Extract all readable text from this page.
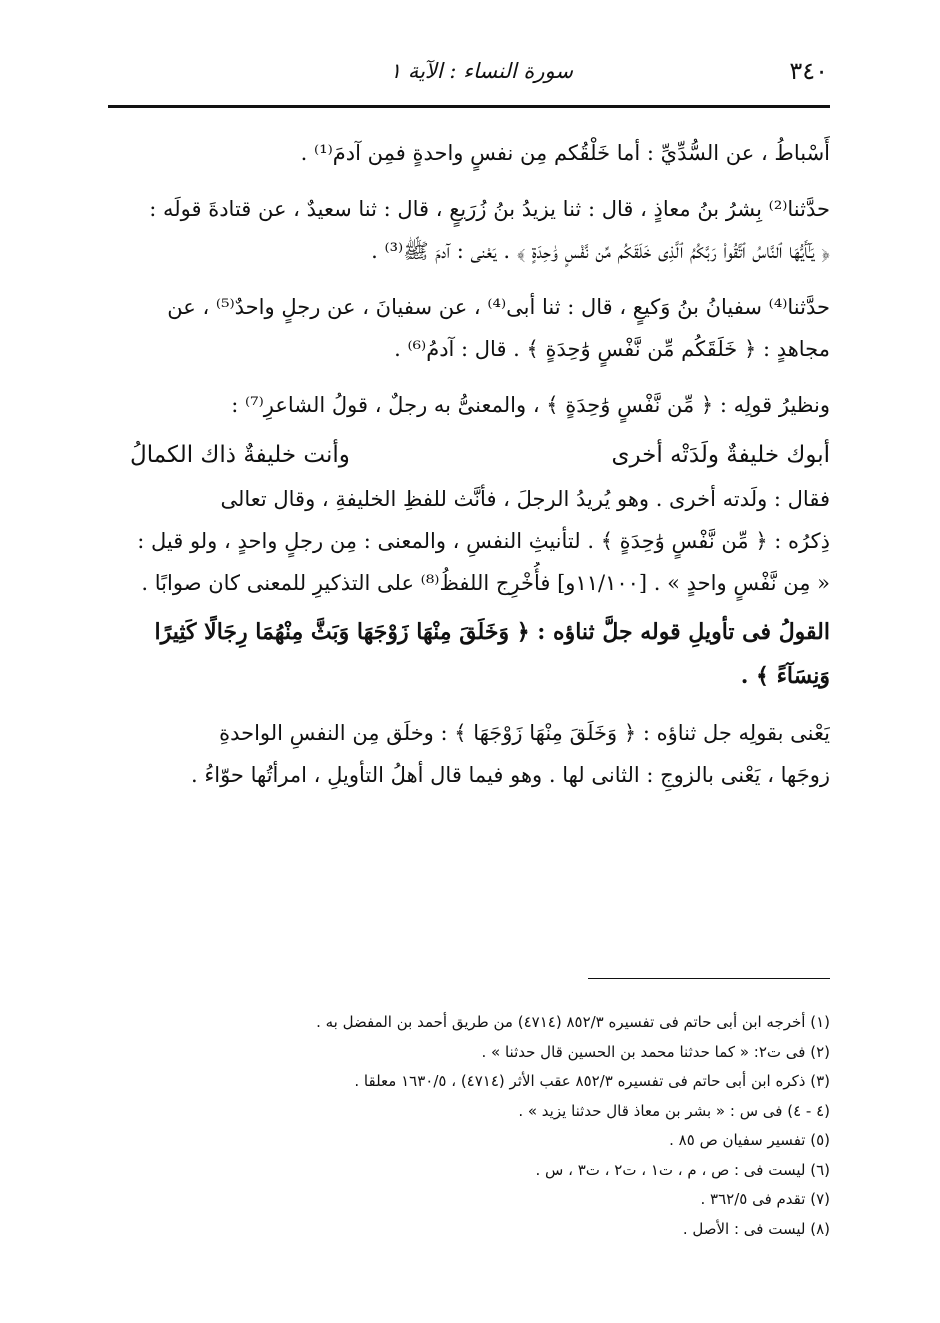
٣٤٠
سورة النساء : الآية ١
أَسْباطُ ، عن السُّدِّيِّ : أما خَلْقُكم مِن نفسٍ واحدةٍ فمِن آدمَ⁽¹⁾ .
حدَّثنا⁽²⁾ بِشرُ بنُ معاذٍ ، قال : ثنا يزيدُ بنُ زُرَيعٍ ، قال : ثنا سعيدٌ ، عن قتادةَ قولَه :
﴿ يَـٰٓأَيُّهَا ٱلنَّاسُ ٱتَّقُوا۟ رَبَّكُمُ ٱلَّذِى خَلَقَكُم مِّن نَّفْسٍ وَٰحِدَةٍ ﴾ . يَعْنى : آدمَ ﷺ⁽³⁾ .
حدَّثنا⁽⁴⁾ سفيانُ بنُ وَكيعٍ ، قال : ثنا أبى⁽⁴⁾ ، عن سفيانَ ، عن رجلٍ واحدٌ⁽⁵⁾ ، عن
مجاهدٍ : ﴿ خَلَقَكُم مِّن نَّفْسٍ وَٰحِدَةٍ ﴾ . قال : آدمُ⁽⁶⁾ .
ونظيرُ قولِه : ﴿ مِّن نَّفْسٍ وَٰحِدَةٍ ﴾ ، والمعنىُّ به رجلٌ ، قولُ الشاعرِ⁽⁷⁾ :
أبوك خليفةٌ ولَدَتْه أخرى
وأنت خليفةٌ ذاك الكمالُ
فقال : ولَدته أخرى . وهو يُريدُ الرجلَ ، فأنَّث للفظِ الخليفةِ ، وقال تعالى
ذِكرُه : ﴿ مِّن نَّفْسٍ وَٰحِدَةٍ ﴾ . لتأنيثِ النفسِ ، والمعنى : مِن رجلٍ واحدٍ ، ولو قيل :
« مِن نَّفْسٍ واحدٍ » . [١١/١٠٠و] فأُخْرِج اللفظُ⁽⁸⁾ على التذكيرِ للمعنى كان صوابًا .
القولُ فى تأويلِ قوله جلَّ ثناؤه : ﴿ وَخَلَقَ مِنْهَا زَوْجَهَا وَبَثَّ مِنْهُمَا رِجَالًا كَثِيرًا
وَنِسَآءً ﴾ .
يَعْنى بقولِه جل ثناؤه : ﴿ وَخَلَقَ مِنْهَا زَوْجَهَا ﴾ : وخلَق مِن النفسِ الواحدةِ
زوجَها ، يَعْنى بالزوجِ : الثانى لها . وهو فيما قال أهلُ التأويلِ ، امرأتُها حوّاءُ .
(١) أخرجه ابن أبى حاتم فى تفسيره ٨٥٢/٣ (٤٧١٤) من طريق أحمد بن المفضل به .
(٢) فى ت٢: « كما حدثنا محمد بن الحسين قال حدثنا » .
(٣) ذكره ابن أبى حاتم فى تفسيره ٨٥٢/٣ عقب الأثر (٤٧١٤) ، ١٦٣٠/٥ معلقا .
(٤ - ٤) فى س : « بشر بن معاذ قال حدثنا يزيد » .
(٥) تفسير سفيان ص ٨٥ .
(٦) ليست فى : ص ، م ، ت١ ، ت٢ ، ت٣ ، س .
(٧) تقدم فى ٣٦٢/٥ .
(٨) ليست فى : الأصل .
